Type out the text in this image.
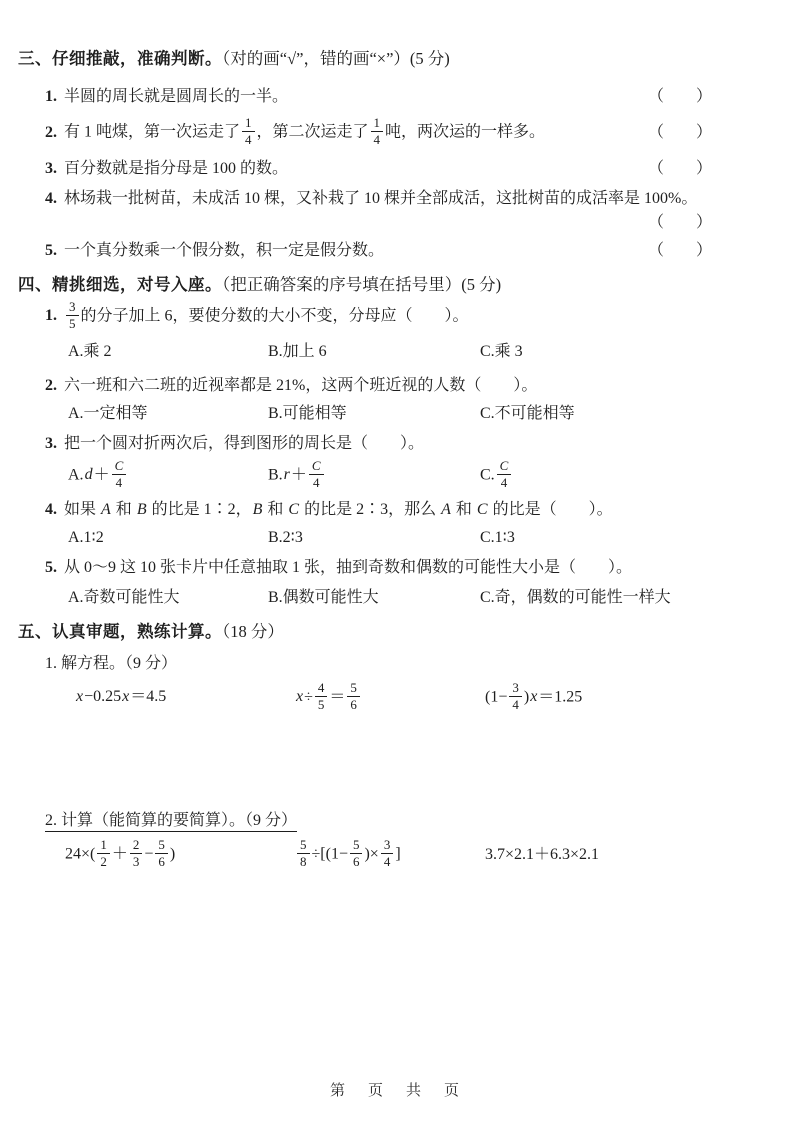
三、仔细推敲，准确判断。（对的画“√”，错的画“×”）(5 分)
1. 半圆的周长就是圆周长的一半。	（　　）
2. 有 1 吨煤，第一次运走了 $\frac{1}{4}$ ，第二次运走了 $\frac{1}{4}$ 吨，两次运的一样多。	（　　）
3. 百分数就是指分母是 100 的数。	（　　）
4. 林场栽一批树苗，未成活 10 棵，又补栽了 10 棵并全部成活，这批树苗的成活率是 100%。
（　　）
5. 一个真分数乘一个假分数，积一定是假分数。	（　　）
四、精挑细选，对号入座。（把正确答案的序号填在括号里）(5 分)
1. $\frac{3}{5}$ 的分子加上 6，要使分数的大小不变，分母应（　　）。
A.乘 2	B.加上 6	C.乘 3
2. 六一班和六二班的近视率都是 21%，这两个班近视的人数（　　）。
A.一定相等	B.可能相等	C.不可能相等
3. 把一个圆对折两次后，得到图形的周长是（　　）。
$A.d+ \frac{C}{4}$	$B.r+ \frac{C}{4}$	C. $\frac{C}{4}$
4. 如果 A 和 B 的比是 1∶2，B 和 C 的比是 2∶3，那么 A 和 C 的比是（　　）。
A.1∶2	B.2∶3	C.1∶3
5. 从 0～9 这 10 张卡片中任意抽取 1 张，抽到奇数和偶数的可能性大小是（　　）。
A.奇数可能性大	B.偶数可能性大	C.奇，偶数的可能性一样大
五、认真审题，熟练计算。（18 分）
1. 解方程。（9 分）
x−0.25x＝4.5	$x\div \frac{4}{5} = \frac{5}{6}$	$(1- \frac{3}{4} )x=1.25$
2. 计算（能简算的要简算）。（9 分）
$24\times( \frac{1}{2} + \frac{2}{3} - \frac{5}{6}$ )	$\frac{5}{8} \div[(1- \frac{5}{6}$ )× $\frac{3}{4}$ ]	3.7×2.1＋6.3×2.1
第　页　共　页
